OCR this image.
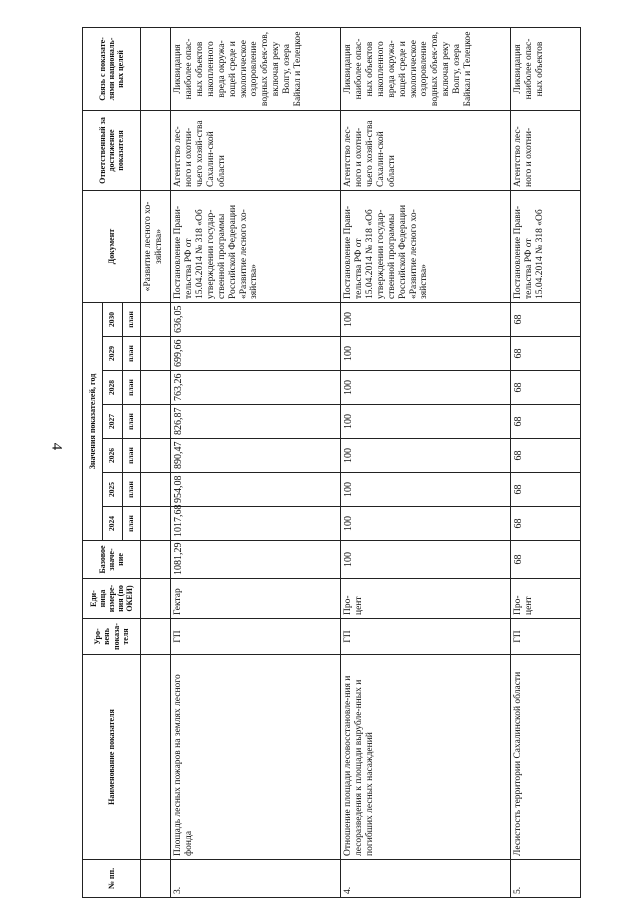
4
№ пп.	Наименование показателя	Уро-вень показа-теля	Еди-ница измере-ния (по ОКЕИ)	Базовое значе-ние	Значения показателей, год							Документ	Ответственный за достижение показателя	Связь с показате-лями националь-ных целей
					2024	2025	2026	2027	2028	2029	2030			
					план	план	план	план	план	план	план			
												«Развитие лесного хо-зяйства»		
3.	Площадь лесных пожаров на землях лесного фонда	ГП	Гектар	1081,29	1017,68	954,08	890,47	826,87	763,26	699,66	636,05	Постановление Прави-тельства РФ от 15.04.2014 № 318 «Об утверждении государ-ственной программы Российской Федерации «Развитие лесного хо-зяйства»	Агентство лес-ного и охотни-чьего хозяй-ства Сахалин-ской области	Ликвидация наиболее опас-ных объектов накопленного вреда окружа-ющей среде и экологическое оздоровление водных объек-тов, включая реку Волгу, озера Байкал и Телецкое
4.	Отношение площади лесовосстановле-ния и лесоразведения к площади вырубле-нных и погибших лесных насаждений	ГП	Про-цент	100	100	100	100	100	100	100	100	Постановление Прави-тельства РФ от 15.04.2014 № 318 «Об утверждении государ-ственной программы Российской Федерации «Развитие лесного хо-зяйства»	Агентство лес-ного и охотни-чьего хозяй-ства Сахалин-ской области	Ликвидация наиболее опас-ных объектов накопленного вреда окружа-ющей среде и экологическое оздоровление водных объек-тов, включая реку Волгу, озера Байкал и Телецкое
5.	Лесистость территории Сахалинской области	ГП	Про-цент	68	68	68	68	68	68	68	68	Постановление Прави-тельства РФ от 15.04.2014 № 318 «Об	Агентство лес-ного и охотни-	Ликвидация наиболее опас-ных объектов
